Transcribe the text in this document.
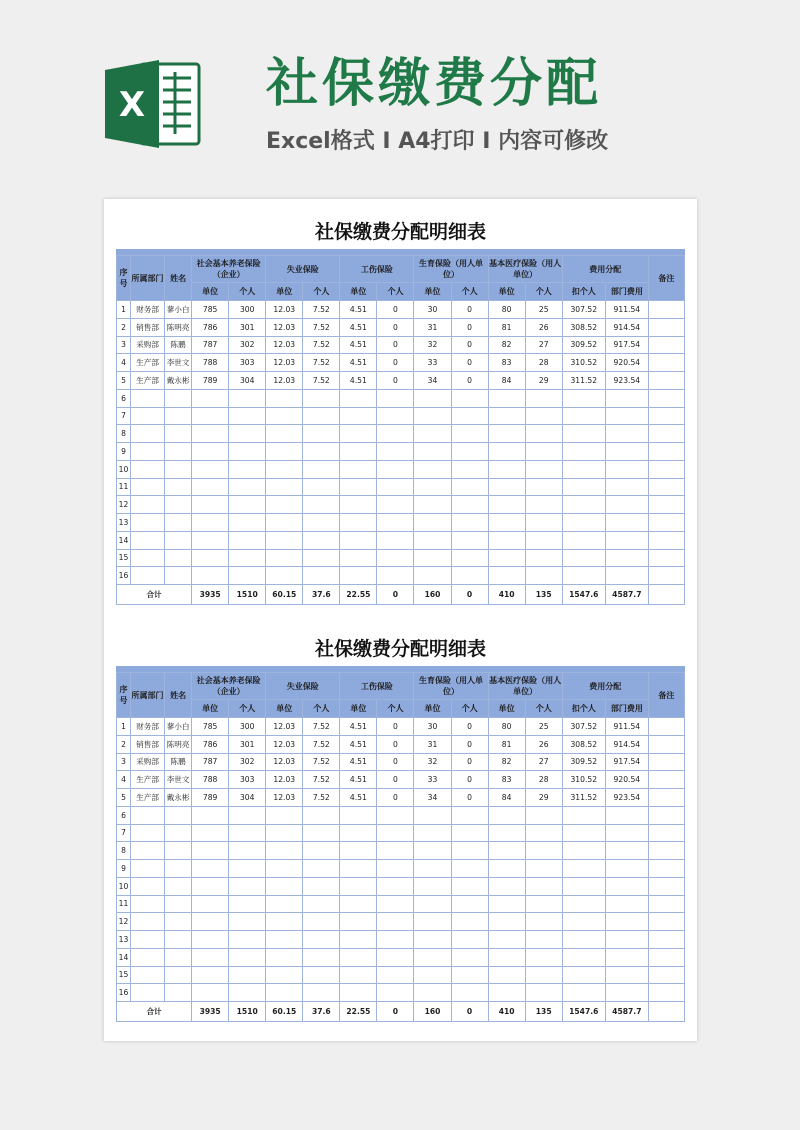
X 社保缴费分配
Excel格式 Ⅰ A4打印 Ⅰ 内容可修改
社保缴费分配明细表
序号	所属部门	姓名	社会基本养老保险（企业）		失业保险		工伤保险		生育保险（用人单位）		基本医疗保险（用人单位）		费用分配		备注
			单位	个人	单位	个人	单位	个人	单位	个人	单位	个人	扣个人	部门费用	
1	财务部	蓼小白	785	300	12.03	7.52	4.51	0	30	0	80	25	307.52	911.54	
2	销售部	陈明亮	786	301	12.03	7.52	4.51	0	31	0	81	26	308.52	914.54	
3	采购部	陈鹏	787	302	12.03	7.52	4.51	0	32	0	82	27	309.52	917.54	
4	生产部	李世文	788	303	12.03	7.52	4.51	0	33	0	83	28	310.52	920.54	
5	生产部	戴永彬	789	304	12.03	7.52	4.51	0	34	0	84	29	311.52	923.54	
6															
7															
8															
9															
10															
11															
12															
13															
14															
15															
16															
合计			3935	1510	60.15	37.6	22.55	0	160	0	410	135	1547.6	4587.7	
社保缴费分配明细表
序号	所属部门	姓名	社会基本养老保险（企业）		失业保险		工伤保险		生育保险（用人单位）		基本医疗保险（用人单位）		费用分配		备注
			单位	个人	单位	个人	单位	个人	单位	个人	单位	个人	扣个人	部门费用	
1	财务部	蓼小白	785	300	12.03	7.52	4.51	0	30	0	80	25	307.52	911.54	
2	销售部	陈明亮	786	301	12.03	7.52	4.51	0	31	0	81	26	308.52	914.54	
3	采购部	陈鹏	787	302	12.03	7.52	4.51	0	32	0	82	27	309.52	917.54	
4	生产部	李世文	788	303	12.03	7.52	4.51	0	33	0	83	28	310.52	920.54	
5	生产部	戴永彬	789	304	12.03	7.52	4.51	0	34	0	84	29	311.52	923.54	
6															
7															
8															
9															
10															
11															
12															
13															
14															
15															
16															
合计			3935	1510	60.15	37.6	22.55	0	160	0	410	135	1547.6	4587.7	
